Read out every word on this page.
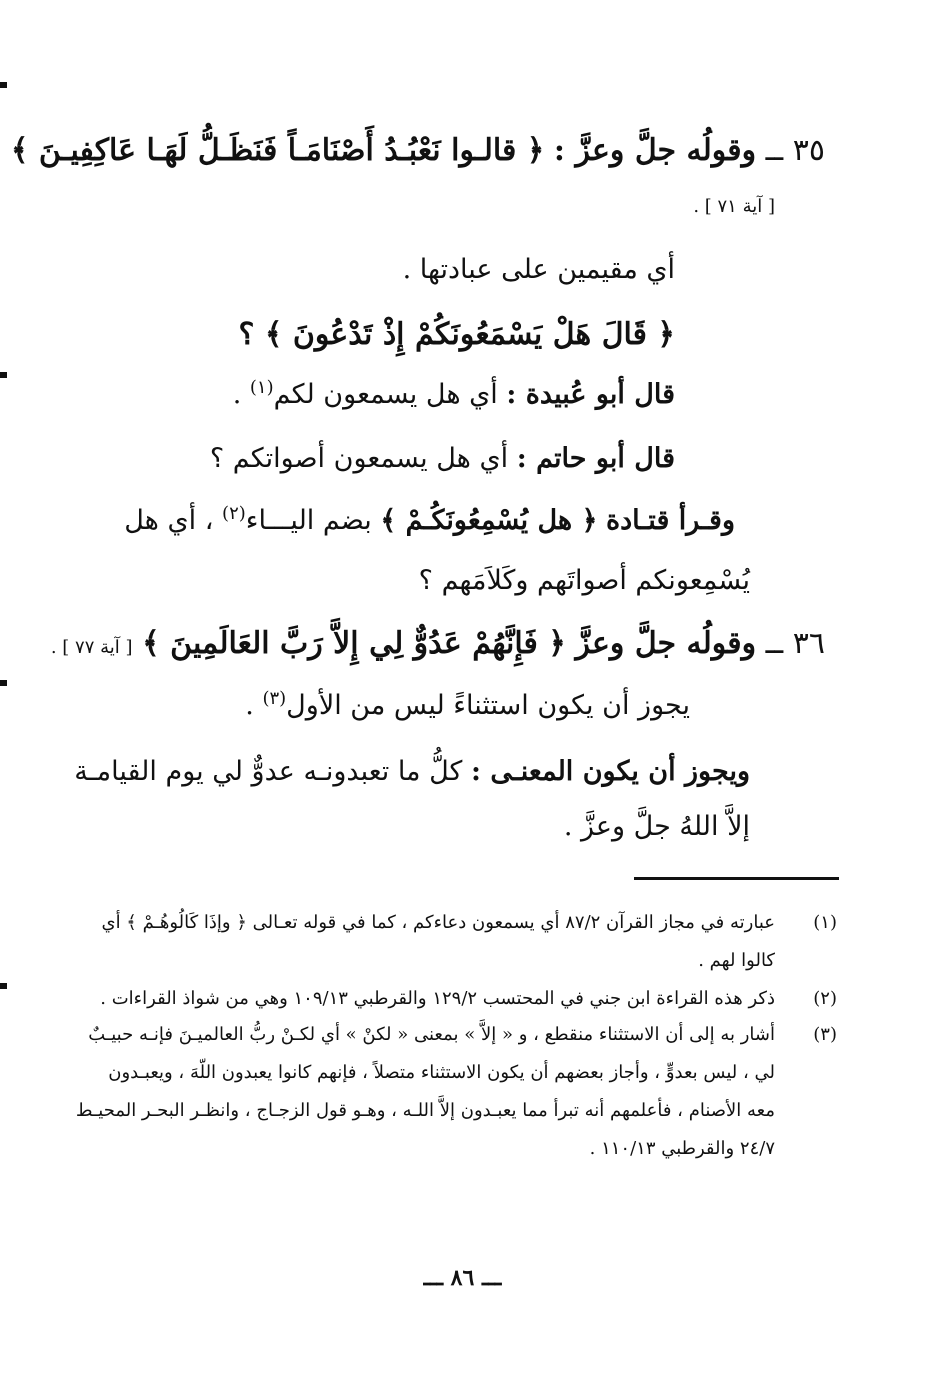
٣٥ ــ وقولُه جلَّ وعزَّ : ﴿ قالـوا نَعْبُـدُ أَصْنَامَـاً فَنَظَـلُّ لَهَـا عَاكِفِيـنَ ﴾
[ آية ٧١ ] .
أي مقيمين على عبادتها .
﴿ قَالَ هَلْ يَسْمَعُونَكُمْ إِذْ تَدْعُونَ ﴾ ؟
قال أبو عُبيدة : أي هل يسمعون لكم$^{(١)}$ .
قال أبو حاتم : أي هل يسمعون أصواتكم ؟
وقـرأ قتـادة ﴿ هل يُسْمِعُونَكُـمْ ﴾ بضم اليـــاء$^{(٢)}$ ، أي هل
يُسْمِعونكم أصواتَهم وكَلاَمَهم ؟
٣٦ ــ وقولُه جلَّ وعزَّ ﴿ فَإِنَّهُمْ عَدُوٌّ لِي إِلاَّ رَبَّ العَالَمِينَ ﴾ [ آية ٧٧ ] .
يجوز أن يكون استثناءً ليس من الأول$^{(٣)}$ .
ويجوز أن يكون المعنـى : كلُّ ما تعبدونـه عدوٌّ لي يوم القيامـة
إلاَّ اللهُ جلَّ وعزَّ .
(١)
عبارته في مجاز القرآن ٨٧/٢ أي يسمعون دعاءكم ، كما في قوله تعـالى ﴿ وإذَا كَالُوهُـمْ ﴾ أي
كالوا لهم .
(٢)
ذكر هذه القراءة ابن جني في المحتسب ١٢٩/٢ والقرطبي ١٠٩/١٣ وهي من شواذ القراءات .
(٣)
أشار به إلى أن الاستثناء منقطع ، و « إلاَّ » بمعنى « لكنْ » أي لكـنْ ربُّ العالميـنَ فإنـه حبيـبٌ
لي ، ليس بعدوٍّ ، وأجاز بعضهم أن يكون الاستثناء متصلاً ، فإنهم كانوا يعبدون اللّهَ ، ويعبـدون
معه الأصنام ، فأعلمهم أنه تبرأ مما يعبـدون إلاَّ اللـه ، وهـو قول الزجـاج ، وانظـر البحـر المحيـط
٢٤/٧ والقرطبي ١١٠/١٣ .
ـــ ٨٦ ـــ
